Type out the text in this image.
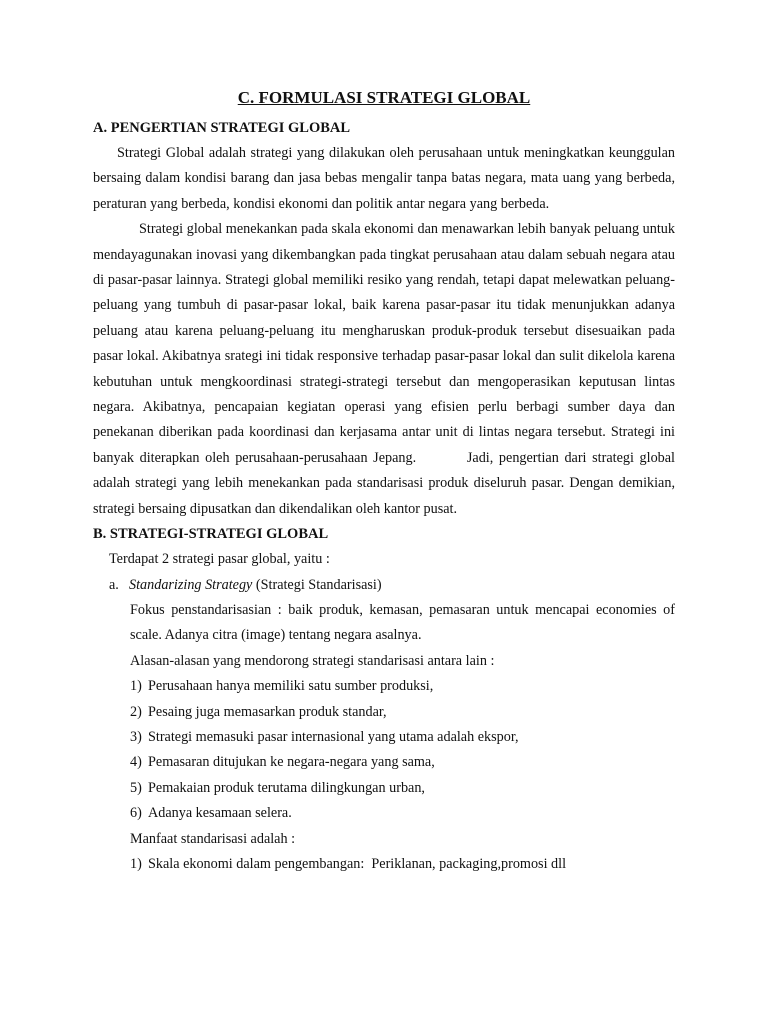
C. FORMULASI STRATEGI GLOBAL
A. PENGERTIAN STRATEGI GLOBAL

Strategi Global adalah strategi yang dilakukan oleh perusahaan untuk meningkatkan keunggulan bersaing dalam kondisi barang dan jasa bebas mengalir tanpa batas negara, mata uang yang berbeda, peraturan yang berbeda, kondisi ekonomi dan politik antar negara yang berbeda.

Strategi global menekankan pada skala ekonomi dan menawarkan lebih banyak peluang untuk mendayagunakan inovasi yang dikembangkan pada tingkat perusahaan atau dalam sebuah negara atau di pasar-pasar lainnya. Strategi global memiliki resiko yang rendah, tetapi dapat melewatkan peluang-peluang yang tumbuh di pasar-pasar lokal, baik karena pasar-pasar itu tidak menunjukkan adanya peluang atau karena peluang-peluang itu mengharuskan produk-produk tersebut disesuaikan pada pasar lokal. Akibatnya srategi ini tidak responsive terhadap pasar-pasar lokal dan sulit dikelola karena kebutuhan untuk mengkoordinasi strategi-strategi tersebut dan mengoperasikan keputusan lintas negara. Akibatnya, pencapaian kegiatan operasi yang efisien perlu berbagi sumber daya dan penekanan diberikan pada koordinasi dan kerjasama antar unit di lintas negara tersebut. Strategi ini banyak diterapkan oleh perusahaan-perusahaan Jepang.         Jadi, pengertian dari strategi global adalah strategi yang lebih menekankan pada standarisasi produk diseluruh pasar. Dengan demikian, strategi bersaing dipusatkan dan dikendalikan oleh kantor pusat.

B. STRATEGI-STRATEGI GLOBAL
Terdapat 2 strategi pasar global, yaitu :
a. Standarizing Strategy (Strategi Standarisasi)

Fokus penstandarisasian : baik produk, kemasan, pemasaran untuk mencapai economies of scale. Adanya citra (image) tentang negara asalnya.

Alasan-alasan yang mendorong strategi standarisasi antara lain :

1) Perusahaan hanya memiliki satu sumber produksi,
2) Pesaing juga memasarkan produk standar,
3) Strategi memasuki pasar internasional yang utama adalah ekspor,
4) Pemasaran ditujukan ke negara-negara yang sama,
5) Pemakaian produk terutama dilingkungan urban,
6) Adanya kesamaan selera.

Manfaat standarisasi adalah :

1) Skala ekonomi dalam pengembangan:  Periklanan, packaging,promosi dll
